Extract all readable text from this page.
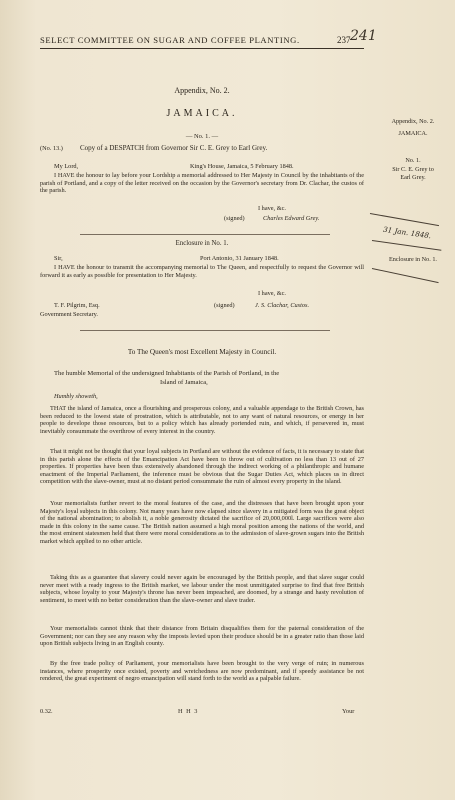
SELECT COMMITTEE ON SUGAR AND COFFEE PLANTING.	237 241
Appendix, No. 2.
JAMAICA.
— No. 1. —
(No. 13.) Copy of a DESPATCH from Governor Sir C. E. Grey to Earl Grey.
My Lord,	King's House, Jamaica, 5 February 1848.
I HAVE the honour to lay before your Lordship a memorial addressed to Her Majesty in Council by the inhabitants of the parish of Portland, and a copy of the letter received on the occasion by the Governor's secretary from Dr. Clachar, the custos of the parish.
I have, &c.
(signed)	Charles Edward Grey.
Enclosure in No. 1.
Sir,	Port Antonio, 31 January 1848.
I HAVE the honour to transmit the accompanying memorial to The Queen, and respectfully to request the Governor will forward it as early as possible for presentation to Her Majesty.
I have, &c.
T. F. Pilgrim, Esq.
Government Secretary.
(signed)	J. S. Clachar, Custos.
To The Queen's most Excellent Majesty in Council.
The humble Memorial of the undersigned Inhabitants of the Parish of Portland, in the
Island of Jamaica,
Humbly showeth,
THAT the island of Jamaica, once a flourishing and prosperous colony, and a valuable appendage to the British Crown, has been reduced to the lowest state of prostration, which is attributable, not to any want of natural resources, or energy in her people to develope those resources, but to a policy which has already portended ruin, and which, if persevered in, must inevitably consummate the overthrow of every interest in the country.
That it might not be thought that your loyal subjects in Portland are without the evidence of facts, it is necessary to state that in this parish alone the effects of the Emancipation Act have been to throw out of cultivation no less than 13 out of 27 properties. If properties have been thus extensively abandoned through the indirect working of a philanthropic and humane enactment of the Imperial Parliament, the inference must be obvious that the Sugar Duties Act, which places us in direct competition with the slave-owner, must at no distant period consummate the ruin of almost every property in the island.
Your memorialists further revert to the moral features of the case, and the distresses that have been brought upon your Majesty's loyal subjects in this colony. Not many years have now elapsed since slavery in a mitigated form was the great object of the national abomination; to abolish it, a noble generosity dictated the sacrifice of 20,000,000l. Large sacrifices were also made in this colony in the same cause. The British nation assumed a high moral position among the nations of the world, and the most eminent statesmen held that there were moral considerations as to the admission of slave-grown sugars into the British market which applied to no other article.
Taking this as a guarantee that slavery could never again be encouraged by the British people, and that slave sugar could never meet with a ready ingress to the British market, we labour under the most unmitigated surprise to find that free British subjects, whose loyalty to your Majesty's throne has never been impeached, are doomed, by a strange and hasty revolution of sentiment, to meet with no better consideration than the slave-owner and slave trader.
Your memorialists cannot think that their distance from Britain disqualifies them for the paternal consideration of the Government; nor can they see any reason why the imposts levied upon their produce should be in a greater ratio than those laid upon British subjects living in an English county.
By the free trade policy of Parliament, your memorialists have been brought to the very verge of ruin; in numerous instances, where prosperity once existed, poverty and wretchedness are now predominant, and if speedy assistance be not rendered, the great experiment of negro emancipation will stand forth to the world as a palpable failure.
0.32.	H H 3	Your
Appendix, No. 2.
JAMAICA.
No. 1.
Sir C. E. Grey to
Earl Grey.
31 Jan. 1848.
Enclosure in No. 1.
